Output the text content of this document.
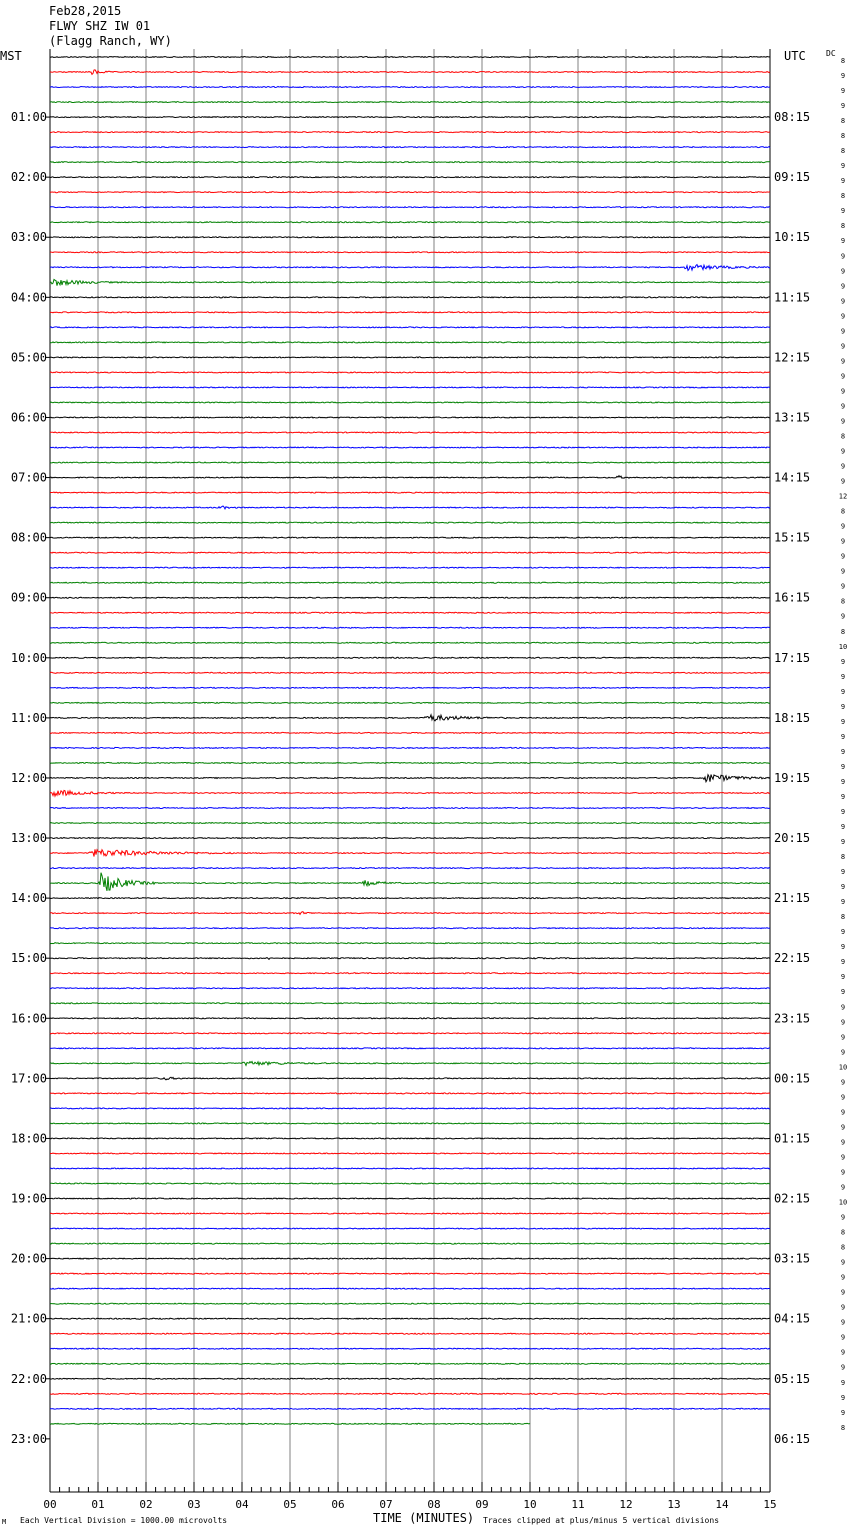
Feb28,2015
FLWY SHZ IW 01
(Flagg Ranch, WY)
MST	UTC	DC
00	01	02	03	04	05	06	07	08	09	10	11	12	13	14	15
8
9
9
9
8
8
8
9
9
8
9
8
9
9
9
9
9
9
9
9
9
9
9
9
9
8
9
9
9
12
8
9
9
9
9
9
8
9
8
10
9
9
9
9
9
9
9
9
9
9
9
9
9
8
9
9
9
8
9
9
9
9
9
9
9
9
9
10
9
9
9
9
9
9
9
9
10
9
8
8
9
9
9
9
9
9
9
9
9
9
9
8
01:00
02:00
03:00
04:00
05:00
06:00
07:00
08:00
09:00
10:00
11:00
12:00
13:00
14:00
15:00
16:00
17:00
18:00
19:00
20:00
21:00
22:00
23:00
08:15
09:15
10:15
11:15
12:15
13:15
14:15
15:15
16:15
17:15
18:15
19:15
20:15
21:15
22:15
23:15
00:15
01:15
02:15
03:15
04:15
05:15
06:15
M Each Vertical Division = 1000.00 microvolts	TIME (MINUTES) Traces clipped at plus/minus 5 vertical divisions
